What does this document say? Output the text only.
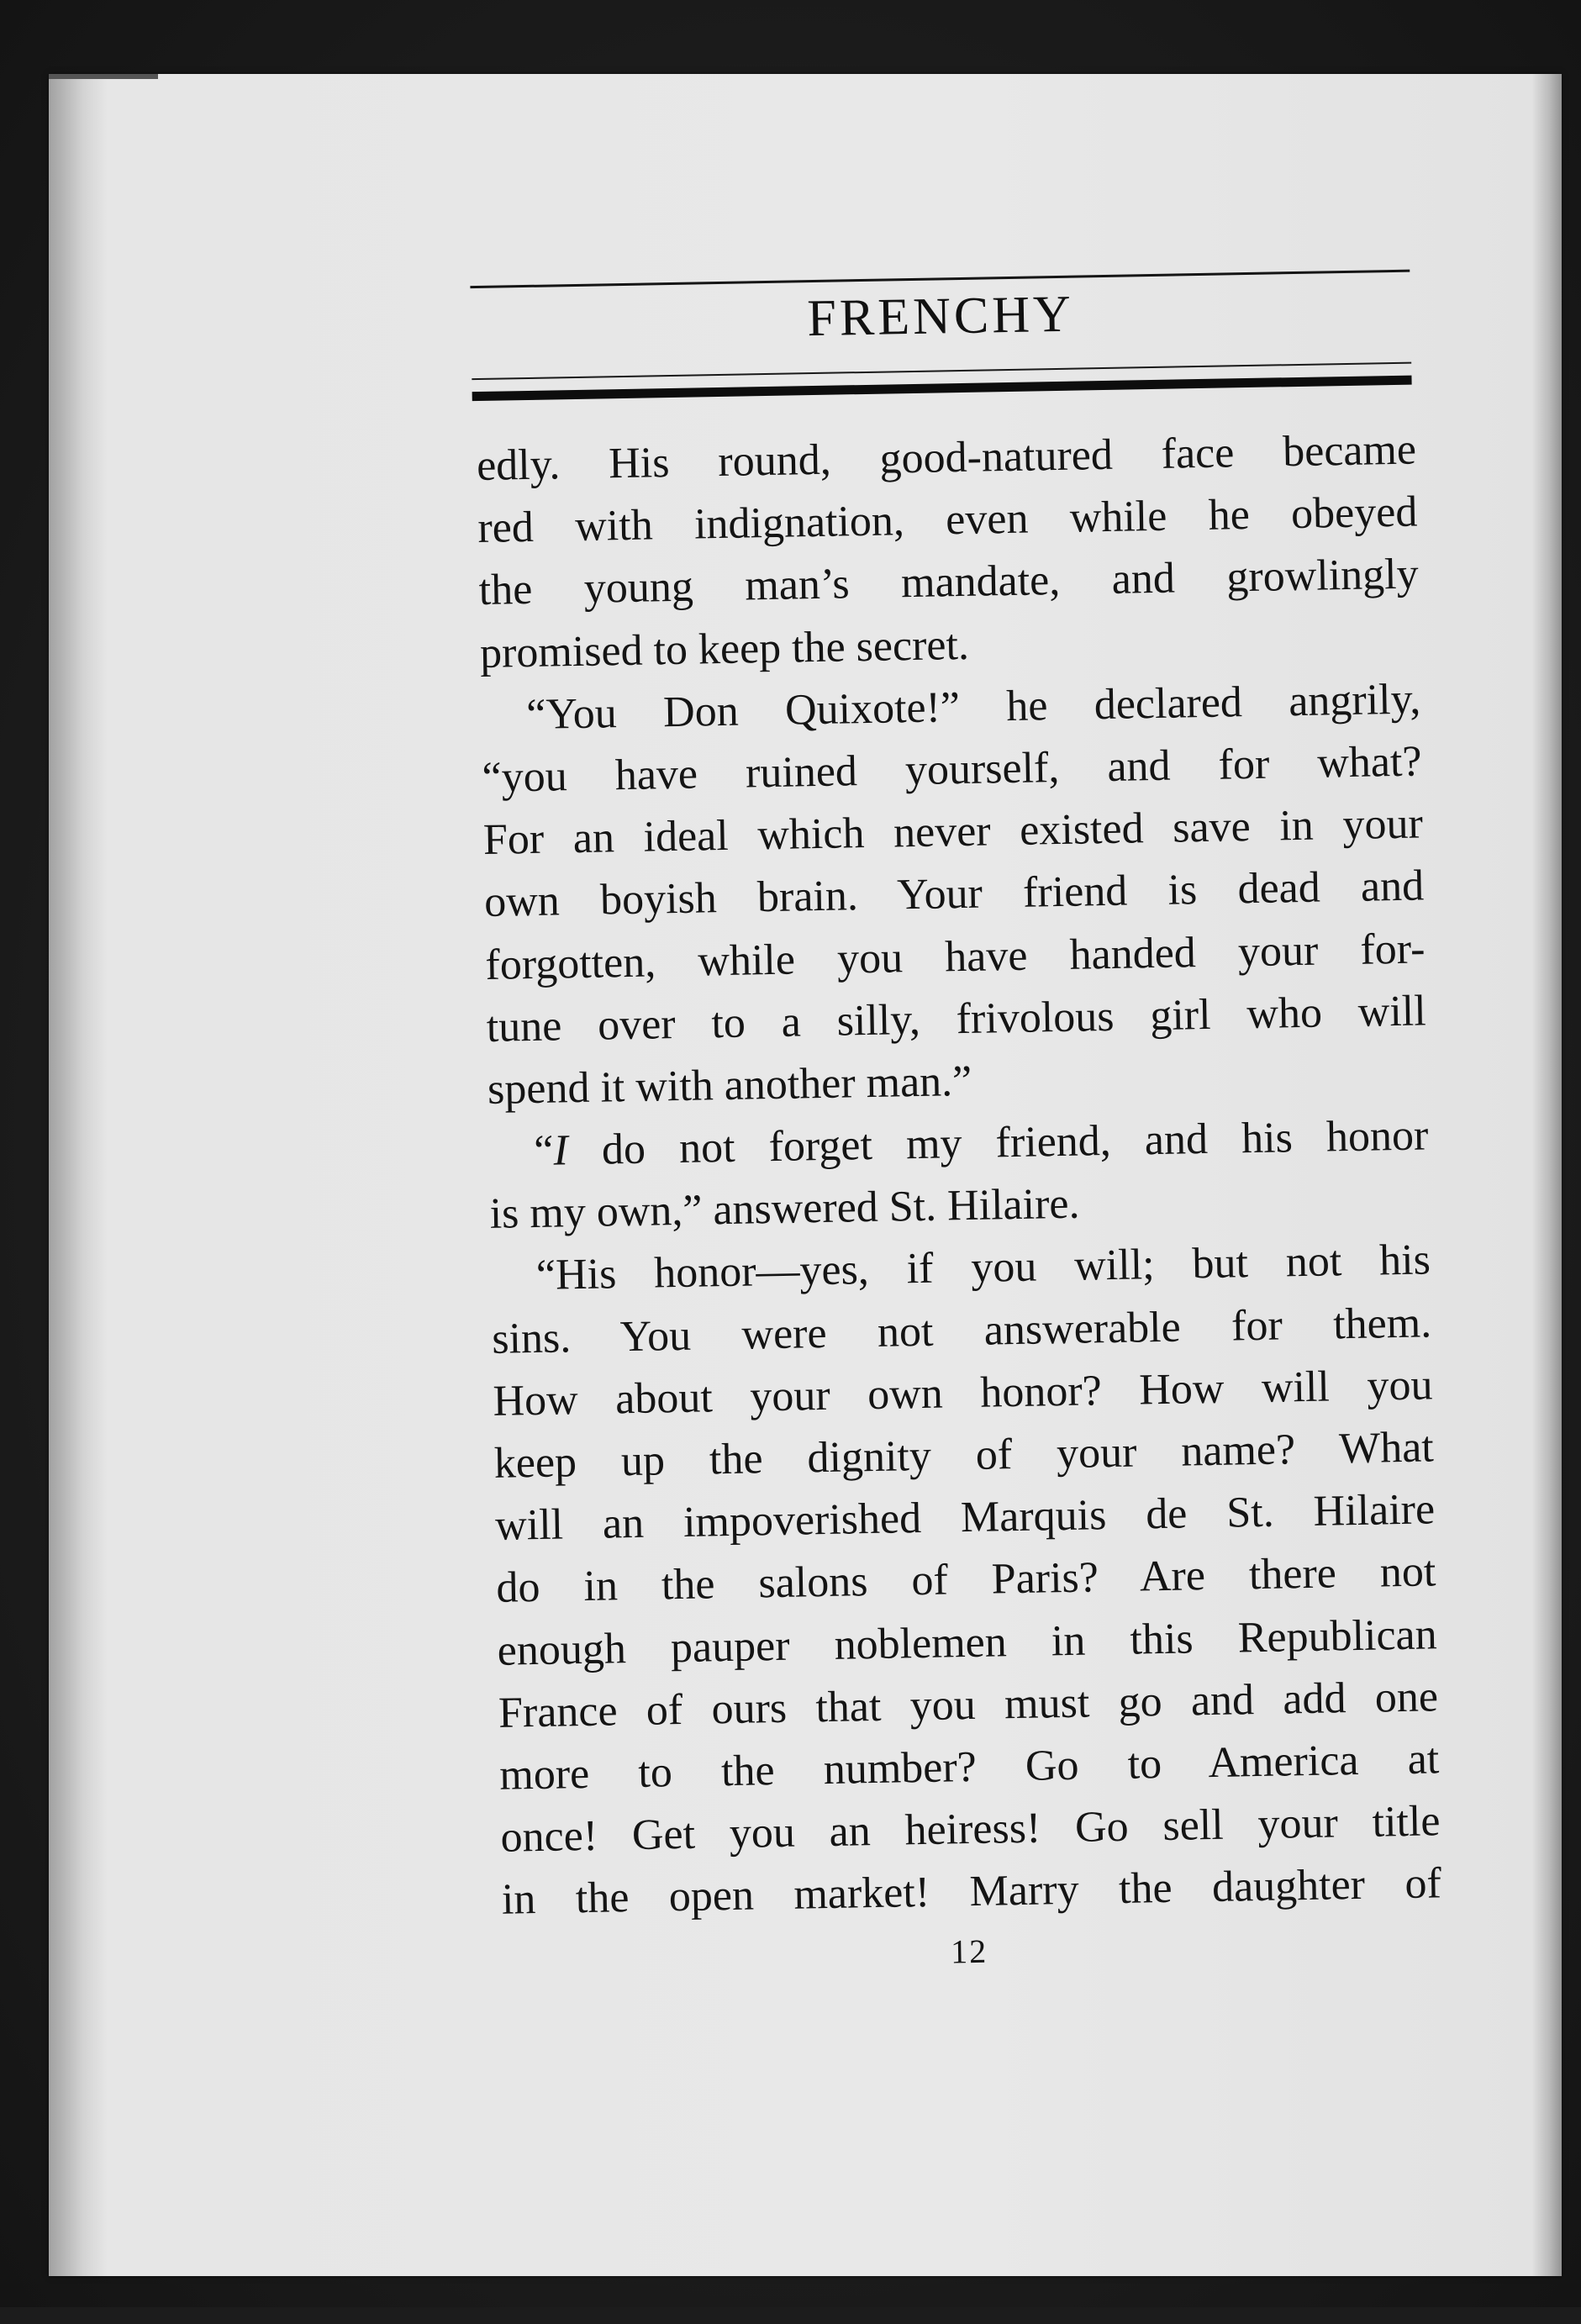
FRENCHY
edly. His round, good-natured face became
red with indignation, even while he obeyed
the young man’s mandate, and growlingly
promised to keep the secret.
“You Don Quixote!” he declared angrily,
“you have ruined yourself, and for what?
For an ideal which never existed save in your
own boyish brain. Your friend is dead and
forgotten, while you have handed your for-
tune over to a silly, frivolous girl who will
spend it with another man.”
“I do not forget my friend, and his honor
is my own,” answered St. Hilaire.
“His honor—yes, if you will; but not his
sins. You were not answerable for them.
How about your own honor? How will you
keep up the dignity of your name? What
will an impoverished Marquis de St. Hilaire
do in the salons of Paris? Are there not
enough pauper noblemen in this Republican
France of ours that you must go and add one
more to the number? Go to America at
once! Get you an heiress! Go sell your title
in the open market! Marry the daughter of
12
